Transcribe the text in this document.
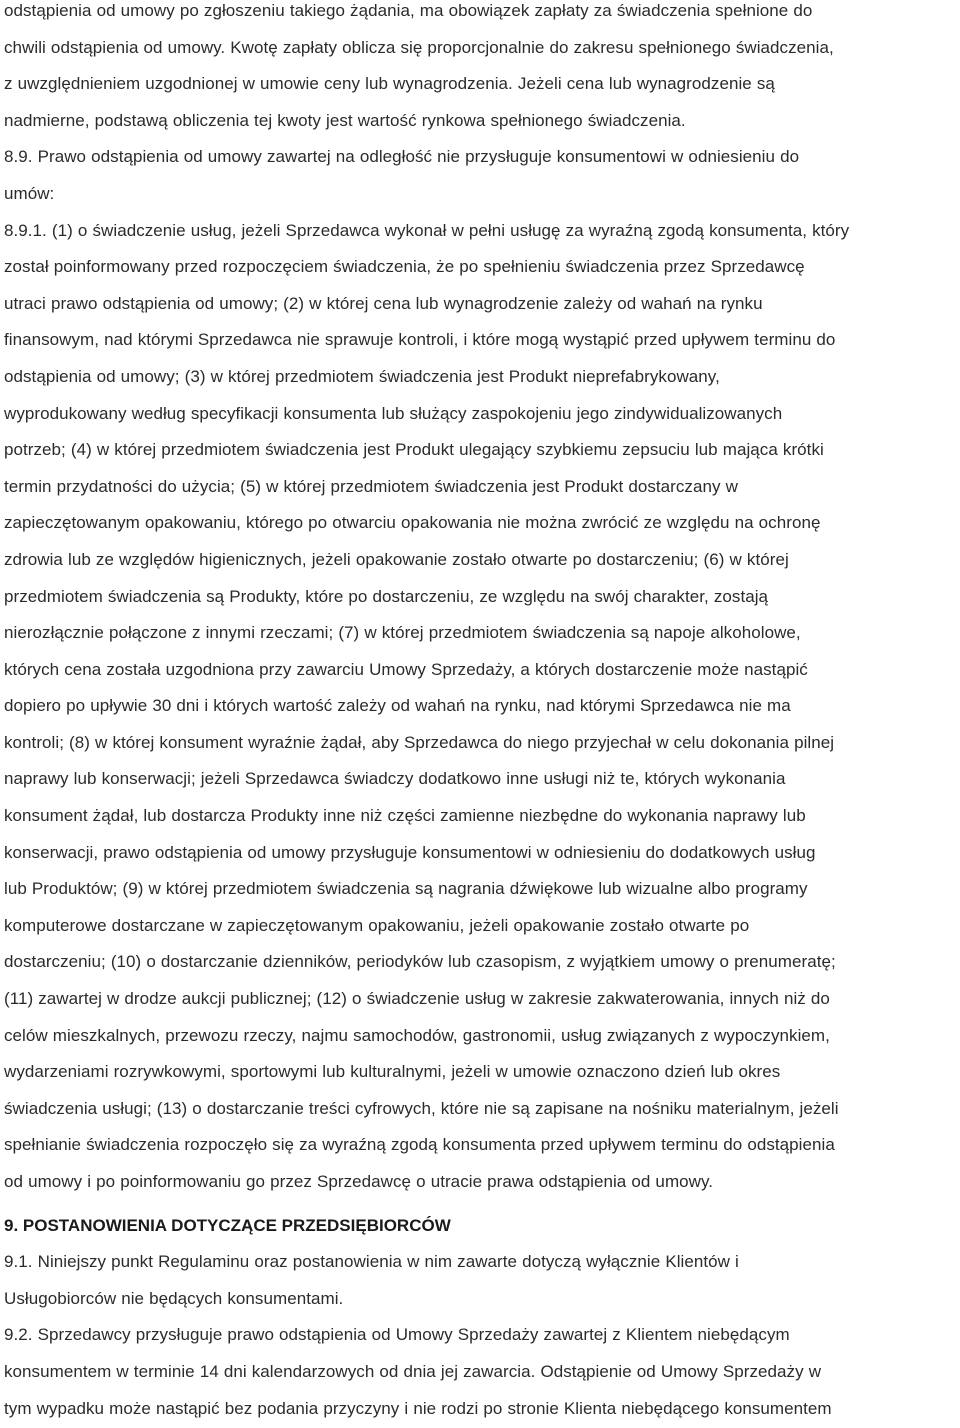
odstąpienia od umowy po zgłoszeniu takiego żądania, ma obowiązek zapłaty za świadczenia spełnione do
chwili odstąpienia od umowy. Kwotę zapłaty oblicza się proporcjonalnie do zakresu spełnionego świadczenia,
z uwzględnieniem uzgodnionej w umowie ceny lub wynagrodzenia. Jeżeli cena lub wynagrodzenie są
nadmierne, podstawą obliczenia tej kwoty jest wartość rynkowa spełnionego świadczenia.

8.9. Prawo odstąpienia od umowy zawartej na odległość nie przysługuje konsumentowi w odniesieniu do
umów:

8.9.1. (1) o świadczenie usług, jeżeli Sprzedawca wykonał w pełni usługę za wyraźną zgodą konsumenta, który
został poinformowany przed rozpoczęciem świadczenia, że po spełnieniu świadczenia przez Sprzedawcę
utraci prawo odstąpienia od umowy; (2) w której cena lub wynagrodzenie zależy od wahań na rynku
finansowym, nad którymi Sprzedawca nie sprawuje kontroli, i które mogą wystąpić przed upływem terminu do
odstąpienia od umowy; (3) w której przedmiotem świadczenia jest Produkt nieprefabrykowany,
wyprodukowany według specyfikacji konsumenta lub służący zaspokojeniu jego zindywidualizowanych
potrzeb; (4) w której przedmiotem świadczenia jest Produkt ulegający szybkiemu zepsuciu lub mająca krótki
termin przydatności do użycia; (5) w której przedmiotem świadczenia jest Produkt dostarczany w
zapieczętowanym opakowaniu, którego po otwarciu opakowania nie można zwrócić ze względu na ochronę
zdrowia lub ze względów higienicznych, jeżeli opakowanie zostało otwarte po dostarczeniu; (6) w której
przedmiotem świadczenia są Produkty, które po dostarczeniu, ze względu na swój charakter, zostają
nierozłącznie połączone z innymi rzeczami; (7) w której przedmiotem świadczenia są napoje alkoholowe,
których cena została uzgodniona przy zawarciu Umowy Sprzedaży, a których dostarczenie może nastąpić
dopiero po upływie 30 dni i których wartość zależy od wahań na rynku, nad którymi Sprzedawca nie ma
kontroli; (8) w której konsument wyraźnie żądał, aby Sprzedawca do niego przyjechał w celu dokonania pilnej
naprawy lub konserwacji; jeżeli Sprzedawca świadczy dodatkowo inne usługi niż te, których wykonania
konsument żądał, lub dostarcza Produkty inne niż części zamienne niezbędne do wykonania naprawy lub
konserwacji, prawo odstąpienia od umowy przysługuje konsumentowi w odniesieniu do dodatkowych usług
lub Produktów; (9) w której przedmiotem świadczenia są nagrania dźwiękowe lub wizualne albo programy
komputerowe dostarczane w zapieczętowanym opakowaniu, jeżeli opakowanie zostało otwarte po
dostarczeniu; (10) o dostarczanie dzienników, periodyków lub czasopism, z wyjątkiem umowy o prenumeratę;
(11) zawartej w drodze aukcji publicznej; (12) o świadczenie usług w zakresie zakwaterowania, innych niż do
celów mieszkalnych, przewozu rzeczy, najmu samochodów, gastronomii, usług związanych z wypoczynkiem,
wydarzeniami rozrywkowymi, sportowymi lub kulturalnymi, jeżeli w umowie oznaczono dzień lub okres
świadczenia usługi; (13) o dostarczanie treści cyfrowych, które nie są zapisane na nośniku materialnym, jeżeli
spełnianie świadczenia rozpoczęło się za wyraźną zgodą konsumenta przed upływem terminu do odstąpienia
od umowy i po poinformowaniu go przez Sprzedawcę o utracie prawa odstąpienia od umowy.

9. POSTANOWIENIA DOTYCZĄCE PRZEDSIĘBIORCÓW

9.1. Niniejszy punkt Regulaminu oraz postanowienia w nim zawarte dotyczą wyłącznie Klientów i
Usługobiorców nie będących konsumentami.

9.2. Sprzedawcy przysługuje prawo odstąpienia od Umowy Sprzedaży zawartej z Klientem niebędącym
konsumentem w terminie 14 dni kalendarzowych od dnia jej zawarcia. Odstąpienie od Umowy Sprzedaży w
tym wypadku może nastąpić bez podania przyczyny i nie rodzi po stronie Klienta niebędącego konsumentem
